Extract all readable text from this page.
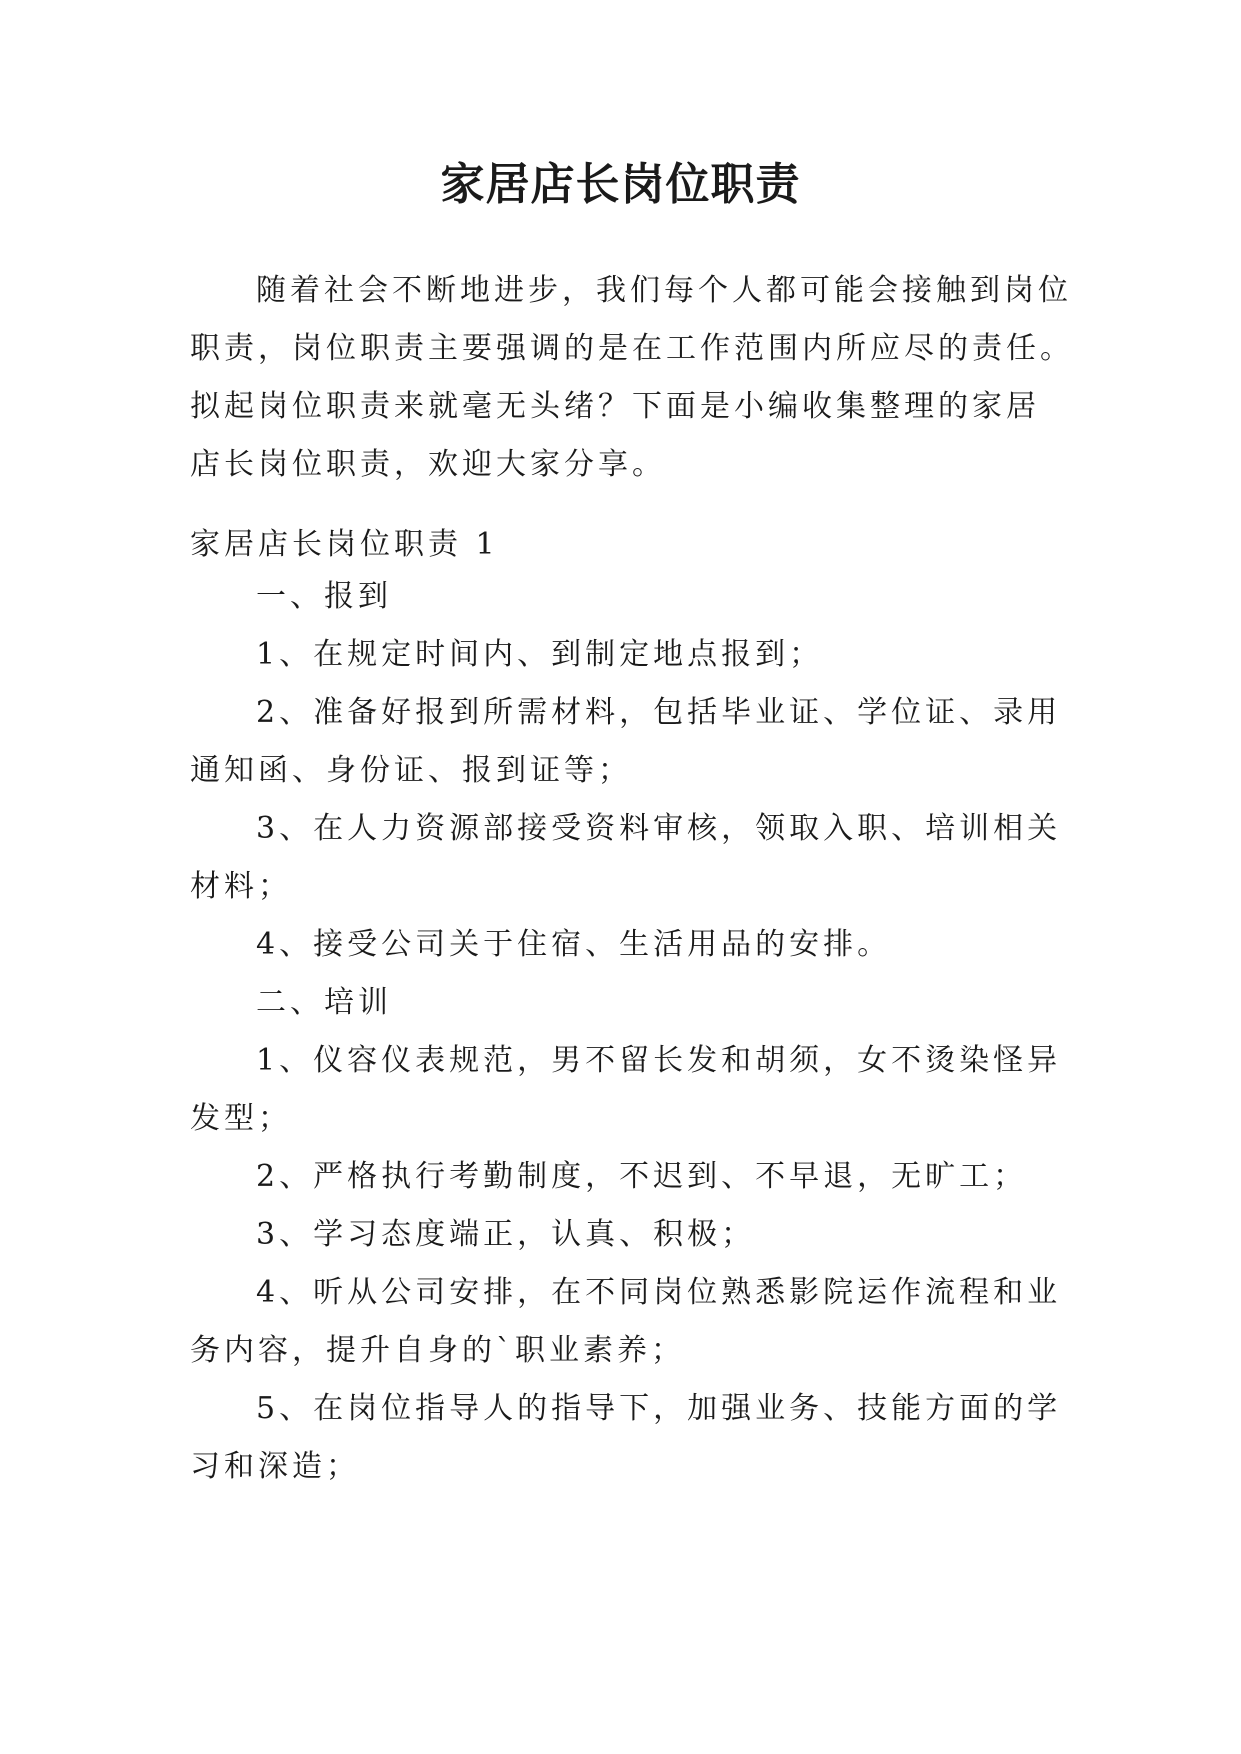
家居店长岗位职责
随着社会不断地进步，我们每个人都可能会接触到岗位
职责，岗位职责主要强调的是在工作范围内所应尽的责任。
拟起岗位职责来就毫无头绪？下面是小编收集整理的家居
店长岗位职责，欢迎大家分享。
家居店长岗位职责 1
一、报到
1、在规定时间内、到制定地点报到；
2、准备好报到所需材料，包括毕业证、学位证、录用
通知函、身份证、报到证等；
3、在人力资源部接受资料审核，领取入职、培训相关
材料；
4、接受公司关于住宿、生活用品的安排。
二、培训
1、仪容仪表规范，男不留长发和胡须，女不烫染怪异
发型；
2、严格执行考勤制度，不迟到、不早退，无旷工；
3、学习态度端正，认真、积极；
4、听从公司安排，在不同岗位熟悉影院运作流程和业
务内容，提升自身的`职业素养；
5、在岗位指导人的指导下，加强业务、技能方面的学
习和深造；
